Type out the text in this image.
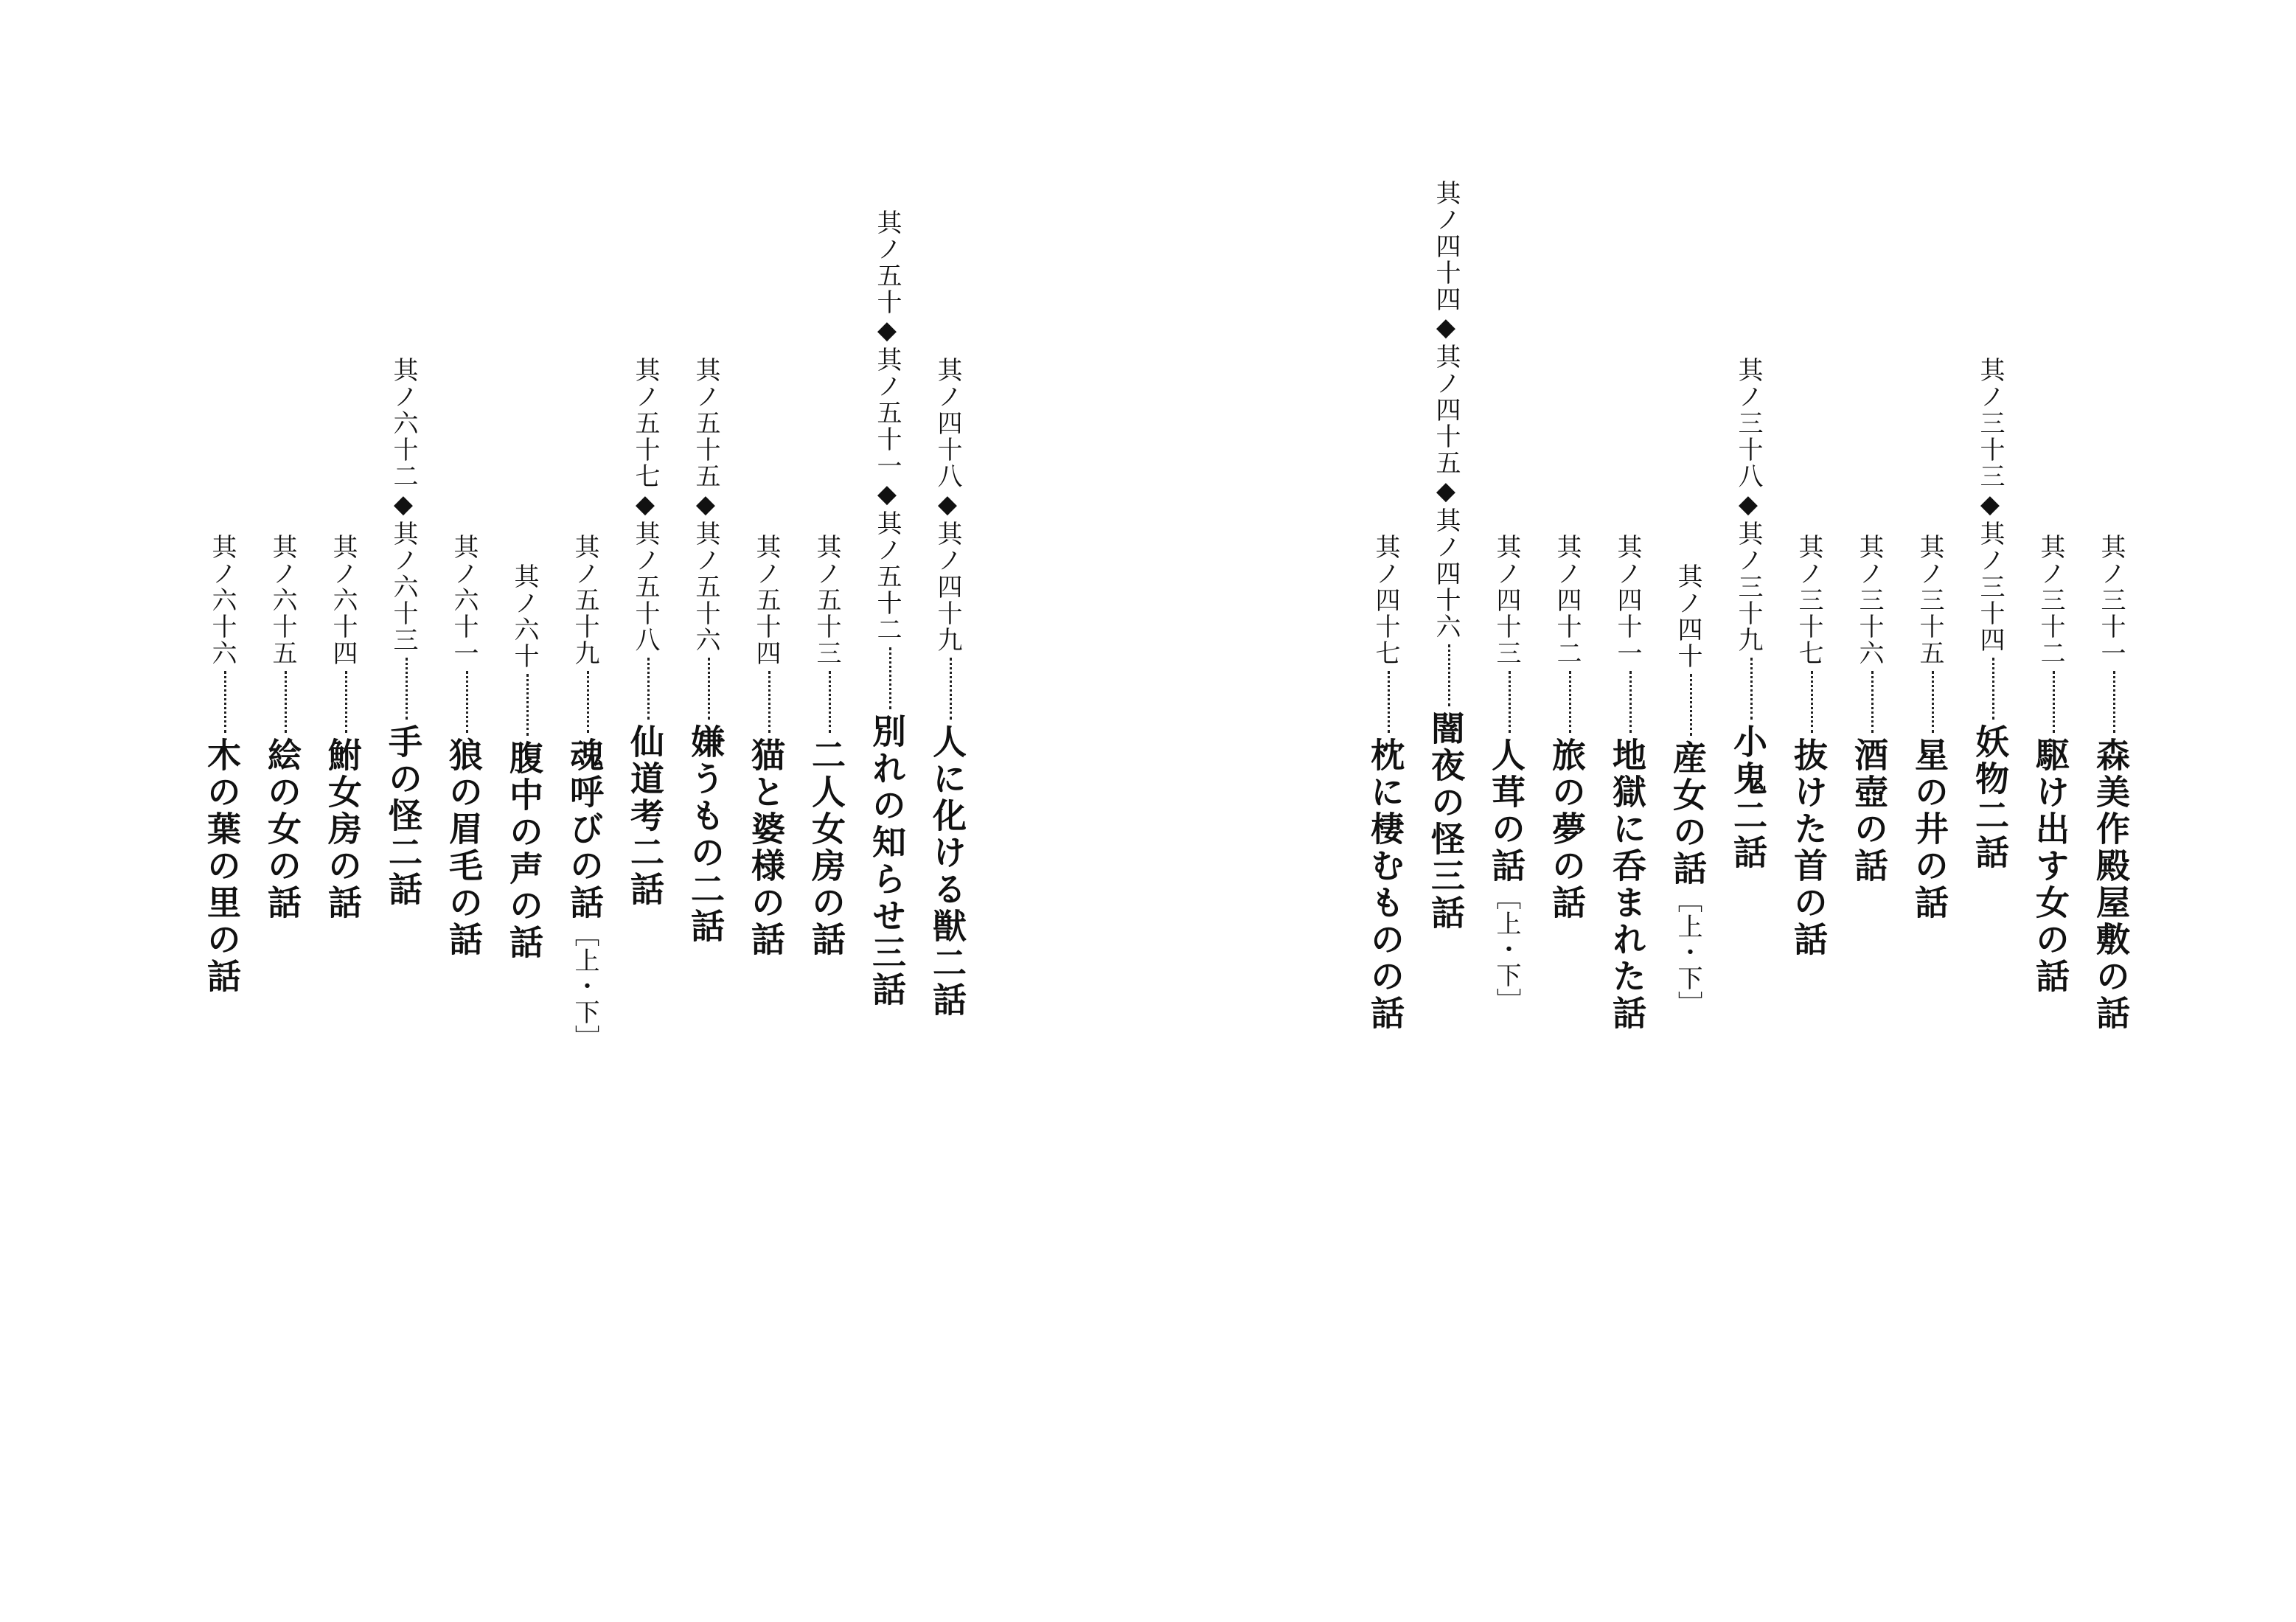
其ノ四十八◆其ノ四十九人に化ける獣二話
其ノ五十◆其ノ五十一◆其ノ五十二別れの知らせ三話
其ノ五十三二人女房の話
其ノ五十四猫と婆様の話
其ノ五十五◆其ノ五十六嫌うもの二話
其ノ五十七◆其ノ五十八仙道考二話
其ノ五十九魂呼びの話［上・下］
其ノ六十腹中の声の話
其ノ六十一狼の眉毛の話
其ノ六十二◆其ノ六十三手の怪二話
其ノ六十四鮒女房の話
其ノ六十五絵の女の話
其ノ六十六木の葉の里の話
其ノ三十一森美作殿屋敷の話
其ノ三十二駆け出す女の話
其ノ三十三◆其ノ三十四妖物二話
其ノ三十五星の井の話
其ノ三十六酒壺の話
其ノ三十七抜けた首の話
其ノ三十八◆其ノ三十九小鬼二話
其ノ四十産女の話［上・下］
其ノ四十一地獄に呑まれた話
其ノ四十二旅の夢の話
其ノ四十三人茸の話［上・下］
其ノ四十四◆其ノ四十五◆其ノ四十六闇夜の怪三話
其ノ四十七枕に棲むものの話
